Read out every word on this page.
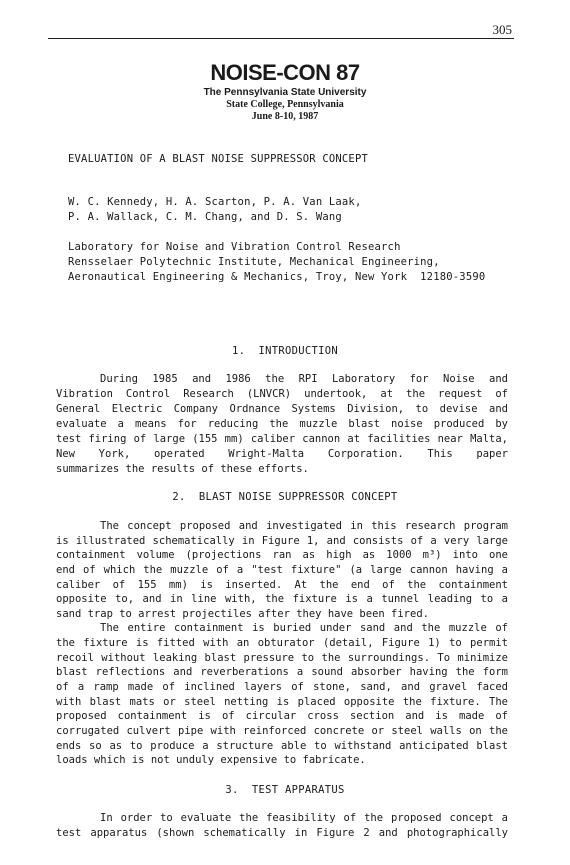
305
NOISE-CON 87
The Pennsylvania State University
State College, Pennsylvania
June 8-10, 1987
EVALUATION OF A BLAST NOISE SUPPRESSOR CONCEPT
W. C. Kennedy, H. A. Scarton, P. A. Van Laak,
P. A. Wallack, C. M. Chang, and D. S. Wang
Laboratory for Noise and Vibration Control Research
Rensselaer Polytechnic Institute, Mechanical Engineering,
Aeronautical Engineering & Mechanics, Troy, New York  12180-3590
1.  INTRODUCTION
During 1985 and 1986 the RPI Laboratory for Noise and
Vibration Control Research (LNVCR) undertook, at the request of
General Electric Company Ordnance Systems Division, to devise and
evaluate a means for reducing the muzzle blast noise produced by
test firing of large (155 mm) caliber cannon at facilities near Malta,
New York, operated Wright-Malta Corporation. This paper
summarizes the results of these efforts.
2.  BLAST NOISE SUPPRESSOR CONCEPT
The concept proposed and investigated in this research program
is illustrated schematically in Figure 1, and consists of a very large
containment volume (projections ran as high as 1000 m³) into one
end of which the muzzle of a "test fixture" (a large cannon having a
caliber of 155 mm) is inserted. At the end of the containment
opposite to, and in line with, the fixture is a tunnel leading to a
sand trap to arrest projectiles after they have been fired.
The entire containment is buried under sand and the muzzle of
the fixture is fitted with an obturator (detail, Figure 1) to permit
recoil without leaking blast pressure to the surroundings. To minimize
blast reflections and reverberations a sound absorber having the form
of a ramp made of inclined layers of stone, sand, and gravel faced
with blast mats or steel netting is placed opposite the fixture. The
proposed containment is of circular cross section and is made of
corrugated culvert pipe with reinforced concrete or steel walls on the
ends so as to produce a structure able to withstand anticipated blast
loads which is not unduly expensive to fabricate.
3.  TEST APPARATUS
In order to evaluate the feasibility of the proposed concept a
test apparatus (shown schematically in Figure 2 and photographically
